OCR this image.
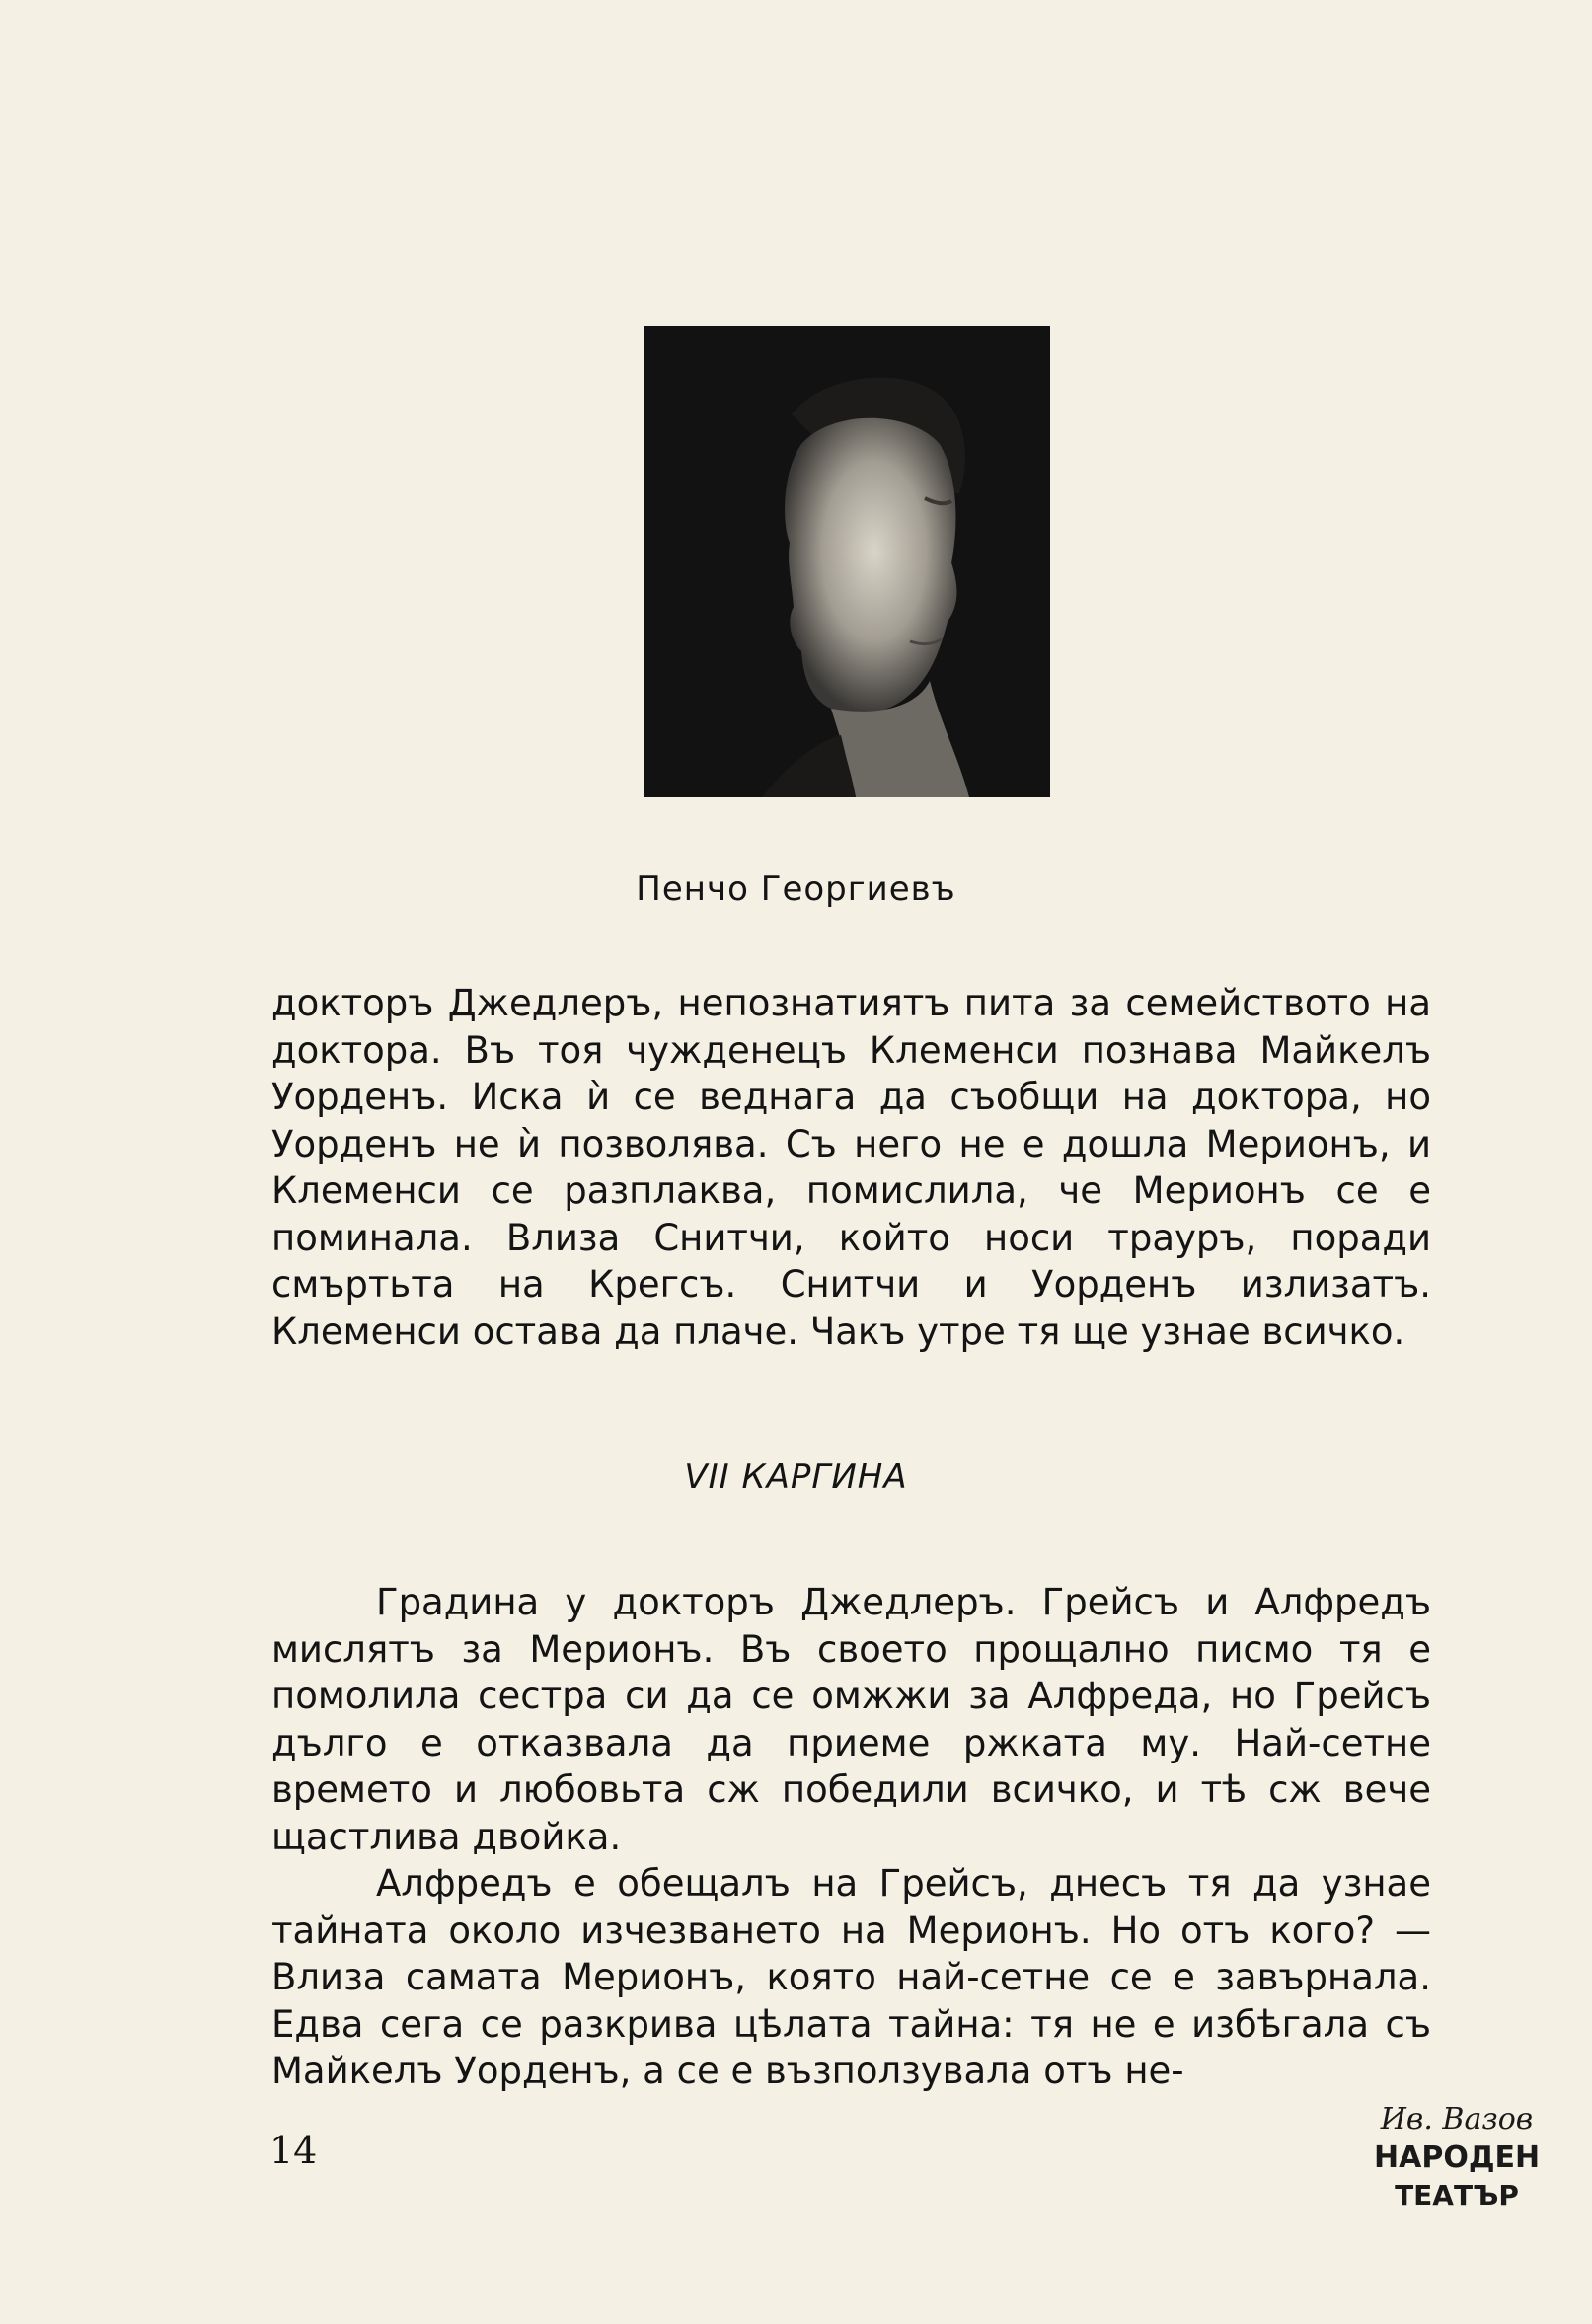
Пенчо Георгиевъ

докторъ Джедлеръ, непознатиятъ пита за семейството на доктора. Въ тоя чужденецъ Клеменси познава Майкелъ Уорденъ. Иска ѝ се веднага да съобщи на доктора, но Уорденъ не ѝ позволява. Съ него не е дошла Мерионъ, и Клеменси се разплаква, помислила, че Мерионъ се е поминала. Влиза Снитчи, който носи трауръ, поради смъртьта на Крегсъ. Снитчи и Уорденъ излизатъ. Клеменси остава да плаче. Чакъ утре тя ще узнае всичко.

VII КАРГИНА

Градина у докторъ Джедлеръ. Грейсъ и Алфредъ мислятъ за Мерионъ. Въ своето прощално писмо тя е помолила сестра си да се омжжи за Алфреда, но Грейсъ дълго е отказвала да приеме ржката му. Най-сетне времето и любовьта сж победили всичко, и тѣ сж вече щастлива двойка.

Алфредъ е обещалъ на Грейсъ, днесъ тя да узнае тайната около изчезването на Мерионъ. Но отъ кого? — Влиза самата Мерионъ, която най-сетне се е завърнала. Едва сега се разкрива цѣлата тайна: тя не е избѣгала съ Майкелъ Уорденъ, а се е възползувала отъ не-

14
Ив. Вазов
НАРОДЕН
ТЕАТЪР
